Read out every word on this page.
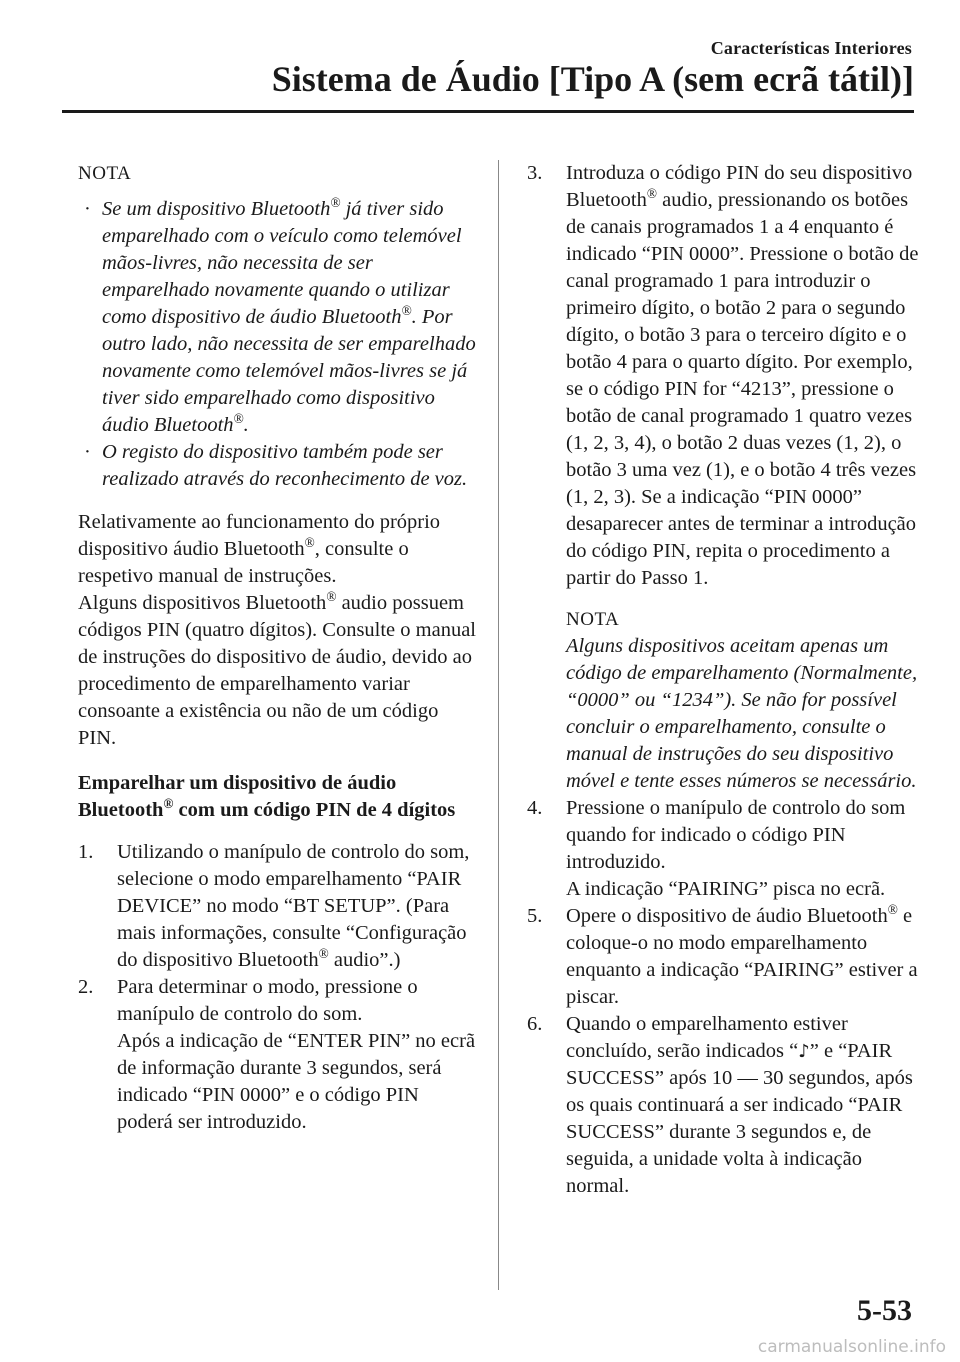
Características Interiores
Sistema de Áudio [Tipo A (sem ecrã tátil)]
NOTA
· Se um dispositivo Bluetooth® já tiver sido emparelhado com o veículo como telemóvel mãos-livres, não necessita de ser emparelhado novamente quando o utilizar como dispositivo de áudio Bluetooth®. Por outro lado, não necessita de ser emparelhado novamente como telemóvel mãos-livres se já tiver sido emparelhado como dispositivo áudio Bluetooth®.
· O registo do dispositivo também pode ser realizado através do reconhecimento de voz.

Relativamente ao funcionamento do próprio dispositivo áudio Bluetooth®, consulte o respetivo manual de instruções.

Alguns dispositivos Bluetooth® audio possuem códigos PIN (quatro dígitos). Consulte o manual de instruções do dispositivo de áudio, devido ao procedimento de emparelhamento variar consoante a existência ou não de um código PIN.

Emparelhar um dispositivo de áudio Bluetooth® com um código PIN de 4 dígitos

1. Utilizando o manípulo de controlo do som, selecione o modo emparelhamento “PAIR DEVICE” no modo “BT SETUP”. (Para mais informações, consulte “Configuração do dispositivo Bluetooth® audio”.)
2. Para determinar o modo, pressione o manípulo de controlo do som.
Após a indicação de “ENTER PIN” no ecrã de informação durante 3 segundos, será indicado “PIN 0000” e o código PIN poderá ser introduzido.
3. Introduza o código PIN do seu dispositivo Bluetooth® audio, pressionando os botões de canais programados 1 a 4 enquanto é indicado “PIN 0000”. Pressione o botão de canal programado 1 para introduzir o primeiro dígito, o botão 2 para o segundo dígito, o botão 3 para o terceiro dígito e o botão 4 para o quarto dígito. Por exemplo, se o código PIN for “4213”, pressione o botão de canal programado 1 quatro vezes (1, 2, 3, 4), o botão 2 duas vezes (1, 2), o botão 3 uma vez (1), e o botão 4 três vezes (1, 2, 3). Se a indicação “PIN 0000” desaparecer antes de terminar a introdução do código PIN, repita o procedimento a partir do Passo 1.
NOTA
Alguns dispositivos aceitam apenas um código de emparelhamento (Normalmente, “0000” ou “1234”). Se não for possível concluir o emparelhamento, consulte o manual de instruções do seu dispositivo móvel e tente esses números se necessário.
4. Pressione o manípulo de controlo do som quando for indicado o código PIN introduzido.
A indicação “PAIRING” pisca no ecrã.
5. Opere o dispositivo de áudio Bluetooth® e coloque-o no modo emparelhamento enquanto a indicação “PAIRING” estiver a piscar.
6. Quando o emparelhamento estiver concluído, serão indicados “♪” e “PAIR SUCCESS” após 10 — 30 segundos, após os quais continuará a ser indicado “PAIR SUCCESS” durante 3 segundos e, de seguida, a unidade volta à indicação normal.
5-53
carmanualsonline.info
